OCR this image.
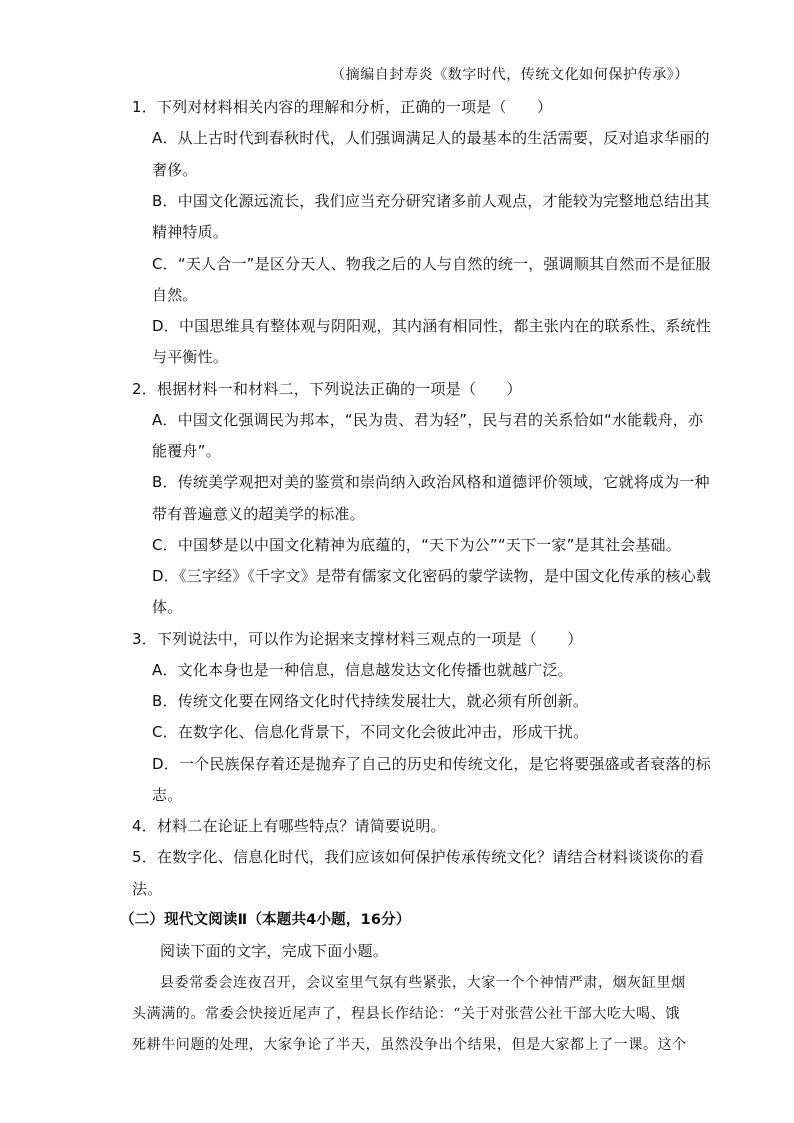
（摘编自封寿炎《数字时代，传统文化如何保护传承》）
1．下列对材料相关内容的理解和分析，正确的一项是（　　）
A．从上古时代到春秋时代，人们强调满足人的最基本的生活需要，反对追求华丽的
奢侈。
B．中国文化源远流长，我们应当充分研究诸多前人观点，才能较为完整地总结出其
精神特质。
C．“天人合一”是区分天人、物我之后的人与自然的统一，强调顺其自然而不是征服
自然。
D．中国思维具有整体观与阴阳观，其内涵有相同性，都主张内在的联系性、系统性
与平衡性。
2．根据材料一和材料二，下列说法正确的一项是（　　）
A．中国文化强调民为邦本，“民为贵、君为轻”，民与君的关系恰如“水能载舟，亦
能覆舟”。
B．传统美学观把对美的鉴赏和崇尚纳入政治风格和道德评价领域，它就将成为一种
带有普遍意义的超美学的标准。
C．中国梦是以中国文化精神为底蕴的，“天下为公”“天下一家”是其社会基础。
D．《三字经》《千字文》是带有儒家文化密码的蒙学读物，是中国文化传承的核心载
体。
3．下列说法中，可以作为论据来支撑材料三观点的一项是（　　）
A．文化本身也是一种信息，信息越发达文化传播也就越广泛。
B．传统文化要在网络文化时代持续发展壮大，就必须有所创新。
C．在数字化、信息化背景下，不同文化会彼此冲击，形成干扰。
D．一个民族保存着还是抛弃了自己的历史和传统文化，是它将要强盛或者衰落的标
志。
4．材料二在论证上有哪些特点？请简要说明。
5．在数字化、信息化时代，我们应该如何保护传承传统文化？请结合材料谈谈你的看
法。
（二）现代文阅读Ⅱ（本题共4小题，16分）
阅读下面的文字，完成下面小题。
县委常委会连夜召开，会议室里气氛有些紧张，大家一个个神情严肃，烟灰缸里烟
头满满的。常委会快接近尾声了，程县长作结论：“关于对张营公社干部大吃大喝、饿
死耕牛问题的处理，大家争论了半天，虽然没争出个结果，但是大家都上了一课。这个
